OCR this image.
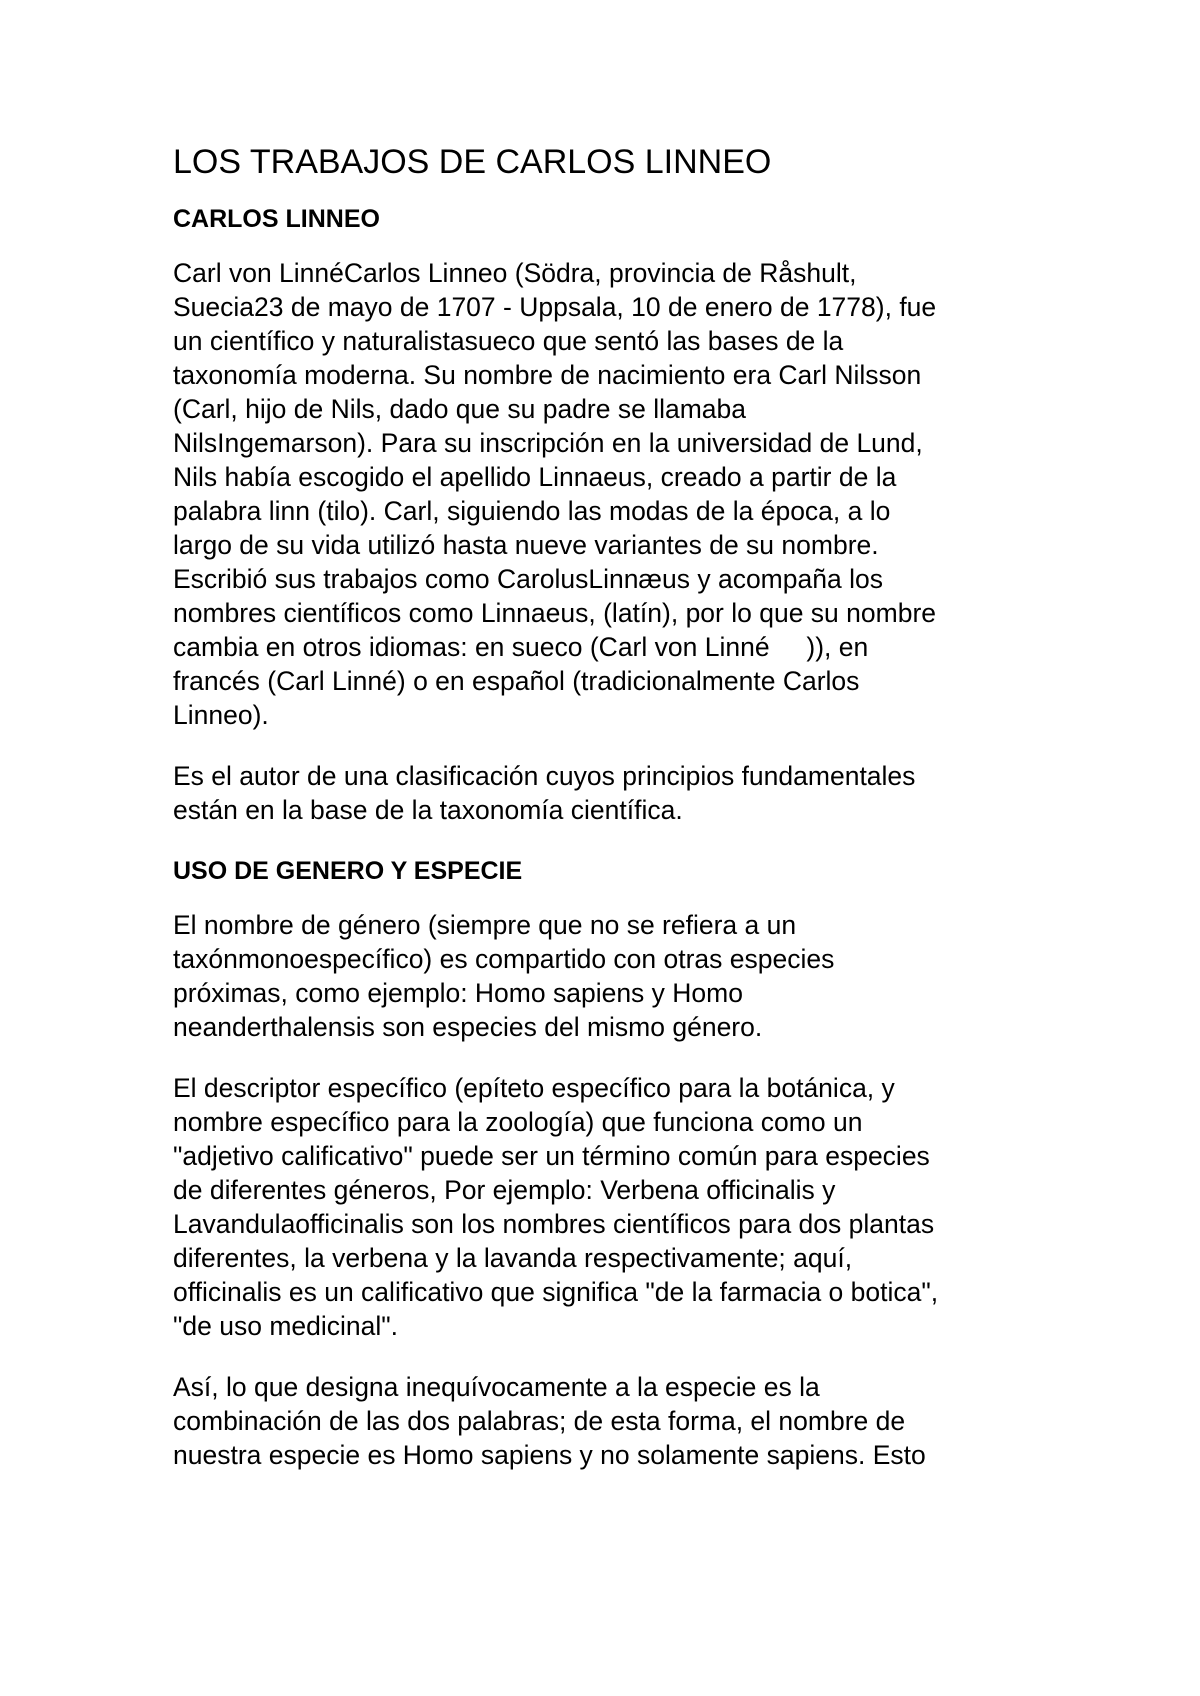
LOS TRABAJOS DE CARLOS LINNEO
CARLOS LINNEO

Carl von LinnéCarlos Linneo (Södra, provincia de Råshult,
Suecia23 de mayo de 1707 - Uppsala, 10 de enero de 1778), fue
un científico y naturalistasueco que sentó las bases de la
taxonomía moderna. Su nombre de nacimiento era Carl Nilsson
(Carl, hijo de Nils, dado que su padre se llamaba
NilsIngemarson). Para su inscripción en la universidad de Lund,
Nils había escogido el apellido Linnaeus, creado a partir de la
palabra linn (tilo). Carl, siguiendo las modas de la época, a lo
largo de su vida utilizó hasta nueve variantes de su nombre.
Escribió sus trabajos como CarolusLinnæus y acompaña los
nombres científicos como Linnaeus, (latín), por lo que su nombre
cambia en otros idiomas: en sueco (Carl von Linné     )), en
francés (Carl Linné) o en español (tradicionalmente Carlos
Linneo).

Es el autor de una clasificación cuyos principios fundamentales
están en la base de la taxonomía científica.

USO DE GENERO Y ESPECIE

El nombre de género (siempre que no se refiera a un
taxónmonoespecífico) es compartido con otras especies
próximas, como ejemplo: Homo sapiens y Homo
neanderthalensis son especies del mismo género.

El descriptor específico (epíteto específico para la botánica, y
nombre específico para la zoología) que funciona como un
"adjetivo calificativo" puede ser un término común para especies
de diferentes géneros, Por ejemplo: Verbena officinalis y
Lavandulaofficinalis son los nombres científicos para dos plantas
diferentes, la verbena y la lavanda respectivamente; aquí,
officinalis es un calificativo que significa "de la farmacia o botica",
"de uso medicinal".

Así, lo que designa inequívocamente a la especie es la
combinación de las dos palabras; de esta forma, el nombre de
nuestra especie es Homo sapiens y no solamente sapiens. Esto
